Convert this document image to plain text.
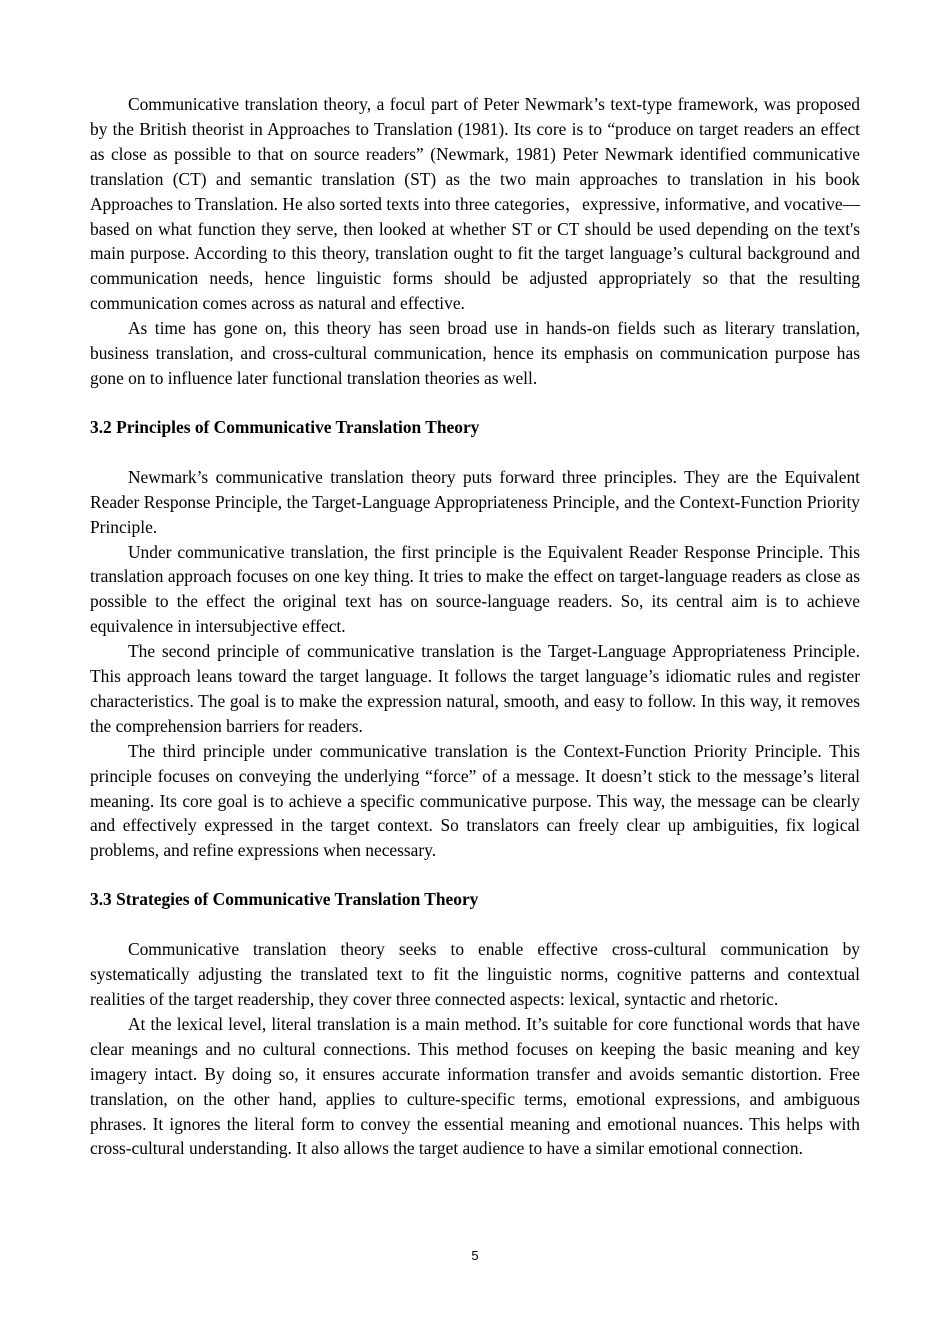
Communicative translation theory, a focul part of Peter Newmark’s text-type framework, was proposed by the British theorist in Approaches to Translation (1981). Its core is to “produce on target readers an effect as close as possible to that on source readers” (Newmark, 1981) Peter Newmark identified communicative translation (CT) and semantic translation (ST) as the two main approaches to translation in his book Approaches to Translation. He also sorted texts into three categories，expressive, informative, and vocative—based on what function they serve, then looked at whether ST or CT should be used depending on the text's main purpose. According to this theory, translation ought to fit the target language’s cultural background and communication needs, hence linguistic forms should be adjusted appropriately so that the resulting communication comes across as natural and effective.

As time has gone on, this theory has seen broad use in hands-on fields such as literary translation, business translation, and cross-cultural communication, hence its emphasis on communication purpose has gone on to influence later functional translation theories as well.

3.2 Principles of Communicative Translation Theory

Newmark’s communicative translation theory puts forward three principles. They are the Equivalent Reader Response Principle, the Target-Language Appropriateness Principle, and the Context-Function Priority Principle.

Under communicative translation, the first principle is the Equivalent Reader Response Principle. This translation approach focuses on one key thing. It tries to make the effect on target-language readers as close as possible to the effect the original text has on source-language readers. So, its central aim is to achieve equivalence in intersubjective effect.

The second principle of communicative translation is the Target-Language Appropriateness Principle. This approach leans toward the target language. It follows the target language’s idiomatic rules and register characteristics. The goal is to make the expression natural, smooth, and easy to follow. In this way, it removes the comprehension barriers for readers.

The third principle under communicative translation is the Context-Function Priority Principle. This principle focuses on conveying the underlying “force” of a message. It doesn’t stick to the message’s literal meaning. Its core goal is to achieve a specific communicative purpose. This way, the message can be clearly and effectively expressed in the target context. So translators can freely clear up ambiguities, fix logical problems, and refine expressions when necessary.

3.3 Strategies of Communicative Translation Theory

Communicative translation theory seeks to enable effective cross-cultural communication by systematically adjusting the translated text to fit the linguistic norms, cognitive patterns and contextual realities of the target readership, they cover three connected aspects: lexical, syntactic and rhetoric.

At the lexical level, literal translation is a main method. It’s suitable for core functional words that have clear meanings and no cultural connections. This method focuses on keeping the basic meaning and key imagery intact. By doing so, it ensures accurate information transfer and avoids semantic distortion. Free translation, on the other hand, applies to culture-specific terms, emotional expressions, and ambiguous phrases. It ignores the literal form to convey the essential meaning and emotional nuances. This helps with cross-cultural understanding. It also allows the target audience to have a similar emotional connection.

5
